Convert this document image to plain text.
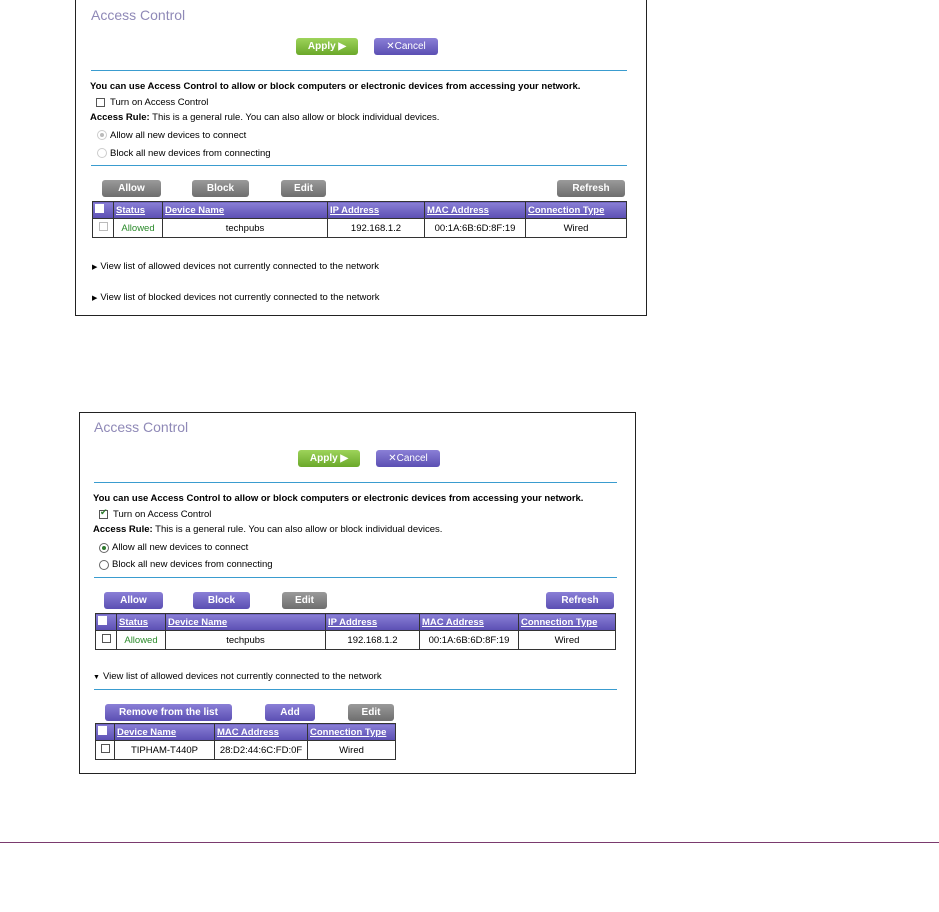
Access Control
Apply ▶	✕Cancel
You can use Access Control to allow or block computers or electronic devices from accessing your network.
Turn on Access Control
Access Rule: This is a general rule. You can also allow or block individual devices.
Allow all new devices to connect
Block all new devices from connecting
Allow	Block	Edit	Refresh
	Status	Device Name	IP Address	MAC Address	Connection Type
	Allowed	techpubs	192.168.1.2	00:1A:6B:6D:8F:19	Wired
▶ View list of allowed devices not currently connected to the network
▶ View list of blocked devices not currently connected to the network
Access Control
Apply ▶	✕Cancel
You can use Access Control to allow or block computers or electronic devices from accessing your network.
✔
Turn on Access Control
Access Rule: This is a general rule. You can also allow or block individual devices.
Allow all new devices to connect
Block all new devices from connecting
Allow	Block	Edit	Refresh
	Status	Device Name	IP Address	MAC Address	Connection Type
	Allowed	techpubs	192.168.1.2	00:1A:6B:6D:8F:19	Wired
▼ View list of allowed devices not currently connected to the network
Remove from the list	Add	Edit
	Device Name	MAC Address	Connection Type
	TIPHAM-T440P	28:D2:44:6C:FD:0F	Wired
